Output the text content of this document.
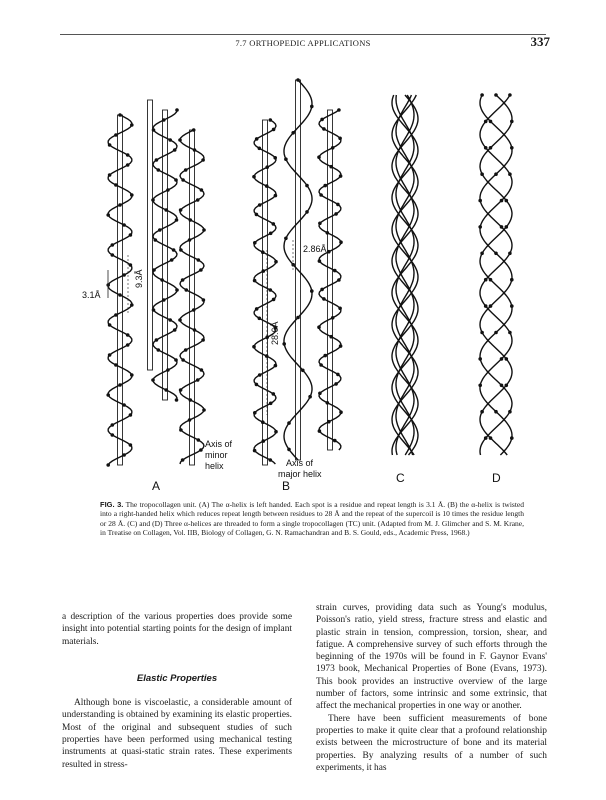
7.7 ORTHOPEDIC APPLICATIONS	337
3.1Å
9.3Å
Axis of
minor
helix
2.86Å
28.6Å
Axis of
major helix
A	B
C	D
FIG. 3. The tropocollagen unit. (A) The α-helix is left handed. Each spot is a residue and repeat length is 3.1 Å. (B) the α-helix is twisted into a right-handed helix which reduces repeat length between residues to 28 Å and the repeat of the supercoil is 10 times the residue length or 28 Å. (C) and (D) Three α-helices are threaded to form a single tropocollagen (TC) unit. (Adapted from M. J. Glimcher and S. M. Krane, in Treatise on Collagen, Vol. IIB, Biology of Collagen, G. N. Ramachandran and B. S. Gould, eds., Academic Press, 1968.)

a description of the various properties does provide some insight into potential starting points for the design of implant materials.

Elastic Properties

Although bone is viscoelastic, a considerable amount of understanding is obtained by examining its elastic properties. Most of the original and subsequent studies of such properties have been performed using mechanical testing instruments at quasi-static strain rates. These experiments resulted in stress-

strain curves, providing data such as Young's modulus, Poisson's ratio, yield stress, fracture stress and elastic and plastic strain in tension, compression, torsion, shear, and fatigue. A comprehensive survey of such efforts through the beginning of the 1970s will be found in F. Gaynor Evans' 1973 book, Mechanical Properties of Bone (Evans, 1973). This book provides an instructive overview of the large number of factors, some intrinsic and some extrinsic, that affect the mechanical properties in one way or another.

There have been sufficient measurements of bone properties to make it quite clear that a profound relationship exists between the microstructure of bone and its material properties. By analyzing results of a number of such experiments, it has
